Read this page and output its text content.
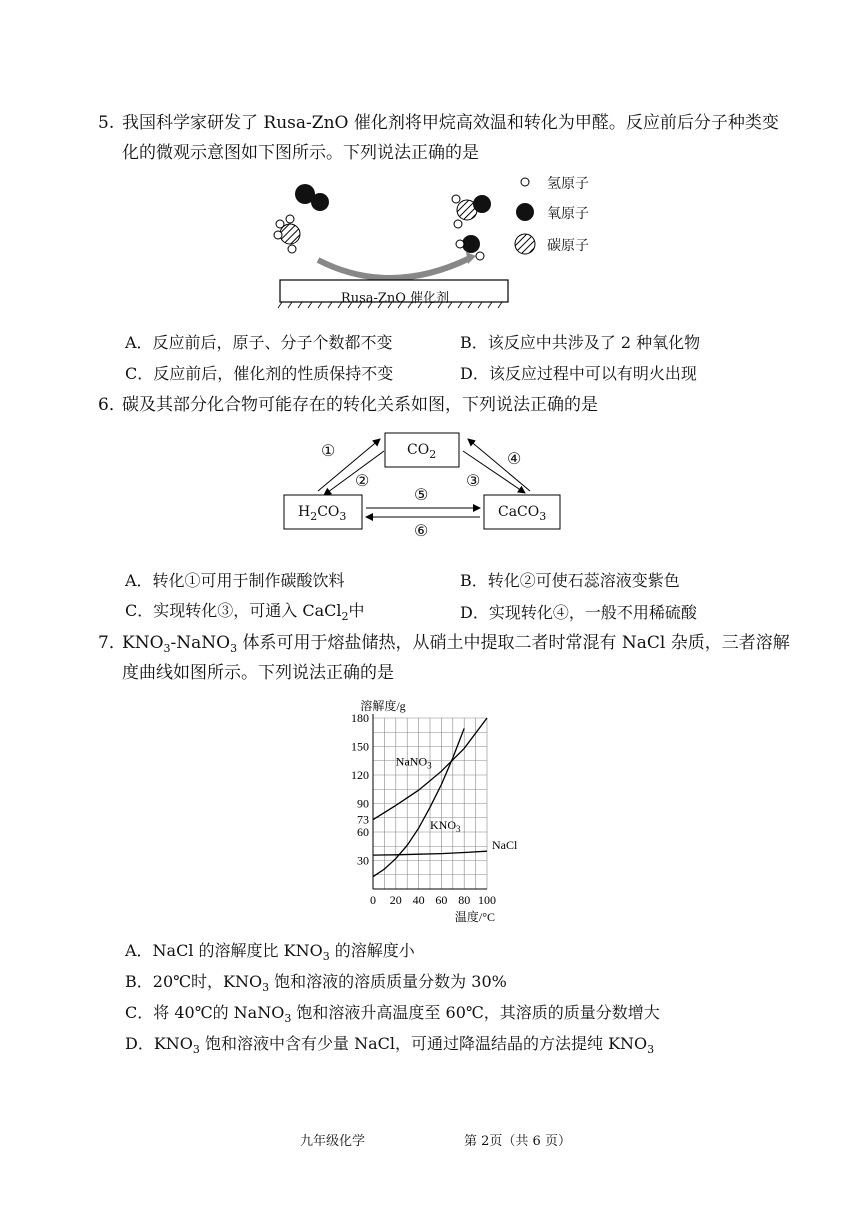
5. 我国科学家研发了 Rusa-ZnO 催化剂将甲烷高效温和转化为甲醛。反应前后分子种类变
化的微观示意图如下图所示。下列说法正确的是
氢原子
氧原子
碳原子
Rusa-ZnO 催化剂
A．反应前后，原子、分子个数都不变	B．该反应中共涉及了 2 种氧化物
C．反应前后，催化剂的性质保持不变	D．该反应过程中可以有明火出现
6．
碳及其部分化合物可能存在的转化关系如图，下列说法正确的是
$CO_2$
$H_2CO_3$	CaCO$_3$
①
②	③
④
⑤
⑥
A．转化①可用于制作碳酸饮料	B．转化②可使石蕊溶液变紫色
C．实现转化③，可通入 CaCl$_2$中	D．实现转化④，一般不用稀硫酸
7．
$KNO_3-NaNO_3$ 体系可用于熔盐储热，从硝土中提取二者时常混有 NaCl 杂质，三者溶解
度曲线如图所示。下列说法正确的是
0 20 40 60 80 100
30
60
73
90
120
150
180
溶解度/g
温度/°C
NaNO$_3$
$KNO_3$
NaCl
A．NaCl 的溶解度比 $KNO_3$ 的溶解度小
B．20℃时，$KNO_3$ 饱和溶液的溶质质量分数为 30%
C．将 40℃的 NaNO$_3$ 饱和溶液升高温度至 60℃，其溶质的质量分数增大
D．$KNO_3$ 饱和溶液中含有少量 NaCl，可通过降温结晶的方法提纯 $KNO_3$
九年级化学	第 2页（共 6 页）
